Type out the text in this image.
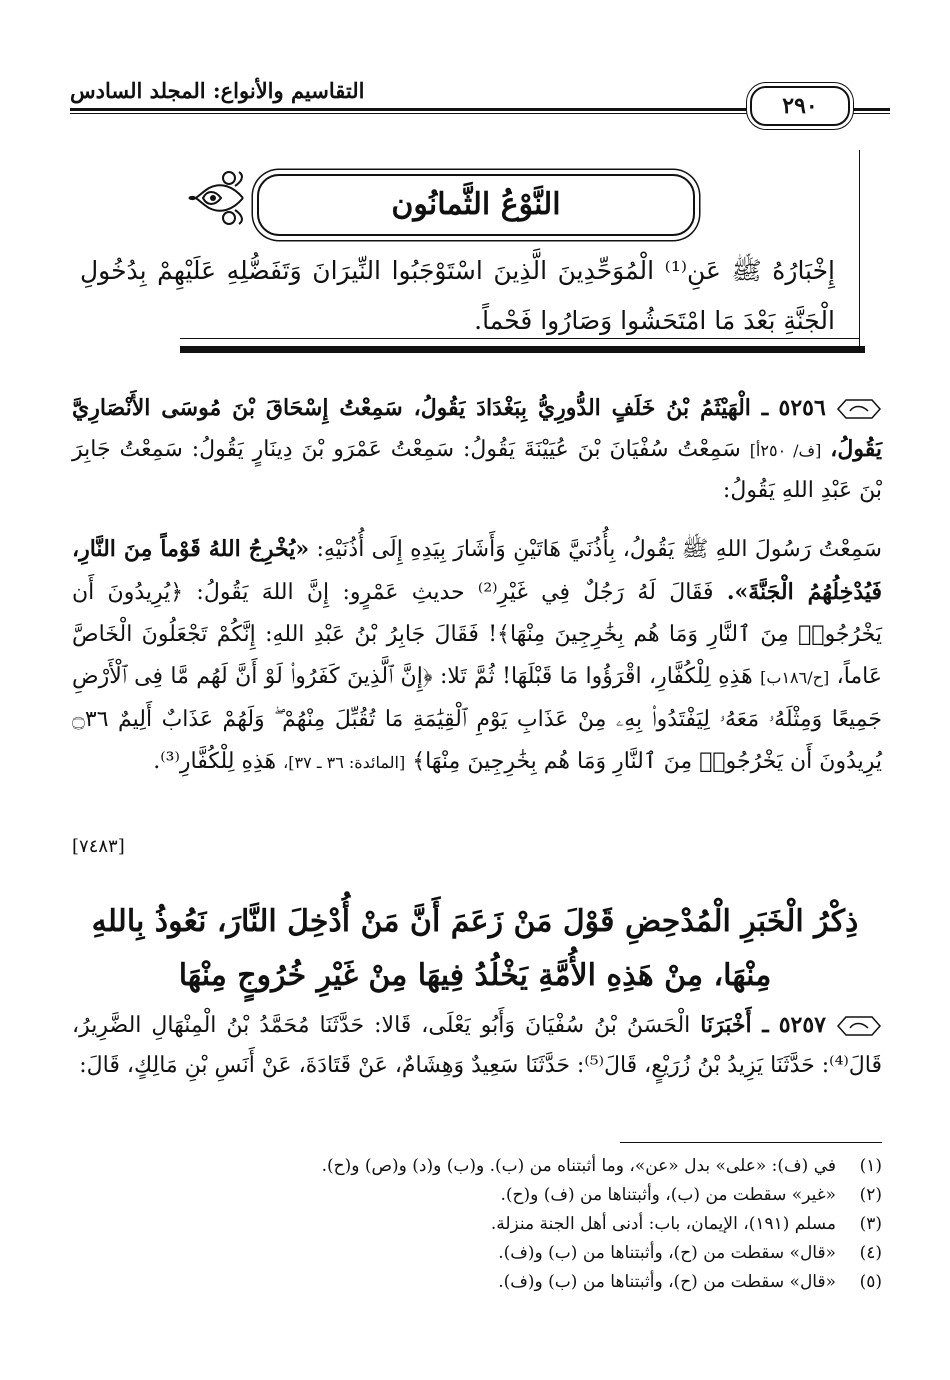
التقاسيم والأنواع: المجلد السادس
٢٩٠
النَّوْعُ الثَّمانُون
إِخْبَارُهُ ﷺ عَنِ⁽¹⁾ الْمُوَحِّدِينَ الَّذِينَ اسْتَوْجَبُوا النِّيرَانَ وَتَفَضُّلِهِ عَلَيْهِمْ بِدُخُولِ الْجَنَّةِ بَعْدَ مَا امْتَحَشُوا وَصَارُوا فَحْماً.
٥٢٥٦ ـ الْهَيْثَمُ بْنُ خَلَفٍ الدُّورِيُّ بِبَغْدَادَ يَقُولُ، سَمِعْتُ إِسْحَاقَ بْنَ مُوسَى الأَنْصَارِيَّ يَقُولُ، [ف/ ٢٥٠أ] سَمِعْتُ سُفْيَانَ بْنَ عُيَيْنَةَ يَقُولُ: سَمِعْتُ عَمْرَو بْنَ دِينَارٍ يَقُولُ: سَمِعْتُ جَابِرَ بْنَ عَبْدِ اللهِ يَقُولُ:
سَمِعْتُ رَسُولَ اللهِ ﷺ يَقُولُ، بِأُذُنَيَّ هَاتَيْنِ وَأَشَارَ بِيَدِهِ إِلَى أُذُنَيْهِ: «يُخْرِجُ اللهُ قَوْماً مِنَ النَّارِ، فَيُدْخِلُهُمُ الْجَنَّةَ». فَقَالَ لَهُ رَجُلٌ فِي غَيْرِ⁽²⁾ حديثِ عَمْرٍو: إِنَّ اللهَ يَقُولُ: ﴿يُرِيدُونَ أَن يَخْرُجُوا۟ مِنَ ٱلنَّارِ وَمَا هُم بِخَٰرِجِينَ مِنْهَا﴾! فَقَالَ جَابِرُ بْنُ عَبْدِ اللهِ: إِنَّكُمْ تَجْعَلُونَ الْخَاصَّ عَاماً، [ح/١٨٦ب] هَذِهِ لِلْكُفَّارِ، اقْرَؤُوا مَا قَبْلَهَا! ثُمَّ تَلا: ﴿إِنَّ ٱلَّذِينَ كَفَرُوا۟ لَوْ أَنَّ لَهُم مَّا فِى ٱلْأَرْضِ جَمِيعًا وَمِثْلَهُۥ مَعَهُۥ لِيَفْتَدُوا۟ بِهِۦ مِنْ عَذَابِ يَوْمِ ٱلْقِيَٰمَةِ مَا تُقُبِّلَ مِنْهُمْ ۖ وَلَهُمْ عَذَابٌ أَلِيمٌ ۝٣٦ يُرِيدُونَ أَن يَخْرُجُوا۟ مِنَ ٱلنَّارِ وَمَا هُم بِخَٰرِجِينَ مِنْهَا﴾ [المائدة: ٣٦ ـ ٣٧]، هَذِهِ لِلْكُفَّارِ⁽³⁾.
[٧٤٨٣]
ذِكْرُ الْخَبَرِ الْمُدْحِضِ قَوْلَ مَنْ زَعَمَ أَنَّ مَنْ أُدْخِلَ النَّارَ، نَعُوذُ بِاللهِ مِنْهَا، مِنْ هَذِهِ الأُمَّةِ يَخْلُدُ فِيهَا مِنْ غَيْرِ خُرُوجٍ مِنْهَا
٥٢٥٧ ـ أَخْبَرَنَا الْحَسَنُ بْنُ سُفْيَانَ وَأَبُو يَعْلَى، قَالا: حَدَّثَنَا مُحَمَّدُ بْنُ الْمِنْهَالِ الضَّرِيرُ، قَالَ⁽⁴⁾: حَدَّثَنَا يَزِيدُ بْنُ زُرَيْعٍ، قَالَ⁽⁵⁾: حَدَّثَنَا سَعِيدٌ وَهِشَامٌ، عَنْ قَتَادَةَ، عَنْ أَنَسِ بْنِ مَالِكٍ، قَالَ:
(١)في (ف): «على» بدل «عن»، وما أثبتناه من (ب). و(ب) و(د) و(ص) و(ح).
(٢)«غير» سقطت من (ب)، وأثبتناها من (ف) و(ح).
(٣)مسلم (١٩١)، الإيمان، باب: أدنى أهل الجنة منزلة.
(٤)«قال» سقطت من (ح)، وأثبتناها من (ب) و(ف).
(٥)«قال» سقطت من (ح)، وأثبتناها من (ب) و(ف).
